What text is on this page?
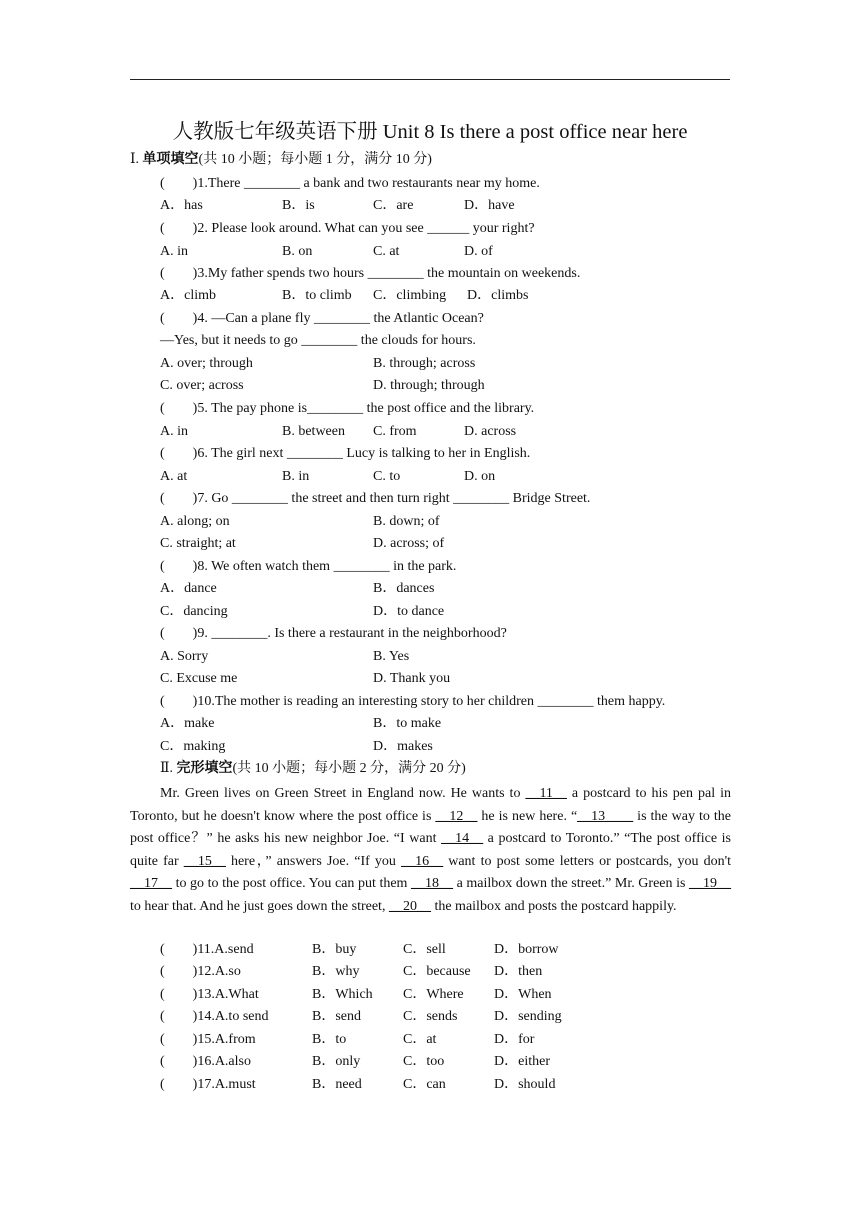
人教版七年级英语下册 Unit 8 Is there a post office near here
Ⅰ. 单项填空(共 10 小题；每小题 1 分，满分 10 分)
(        )1.There ________ a bank and two restaurants near my home.
A．has	B．is	C．are	D．have
(        )2. Please look around. What can you see ______ your right?
A. in	B. on	C. at	D. of
(        )3.My father spends two hours ________ the mountain on weekends.
A．climb	B．to climb C．climbing D．climbs
(        )4. —Can a plane fly ________ the Atlantic Ocean?
—Yes, but it needs to go ________ the clouds for hours.
A. over; through	B. through; across
C. over; across	D. through; through
(        )5. The pay phone is________ the post office and the library.
A. in	B. between C. from	D. across
(        )6. The girl next ________ Lucy is talking to her in English.
A. at	B. in	C. to	D. on
(        )7. Go ________ the street and then turn right ________ Bridge Street.
A. along; on	B. down; of
C. straight; at	D. across; of
(        )8. We often watch them ________ in the park.
A．dance	B．dances
C．dancing	D．to dance
(        )9. ________. Is there a restaurant in the neighborhood?
A. Sorry	B. Yes
C. Excuse me	D. Thank you
(        )10.The mother is reading an interesting story to her children ________ them happy.
A．make	B．to make
C．making	D．makes
Ⅱ. 完形填空(共 10 小题；每小题 2 分，满分 20 分)

Mr. Green lives on Green Street in England now. He wants to __11__ a postcard to his pen pal in Toronto, but he doesn't know where the post office is __12__ he is new here. “__13____ is the way to the post office？” he asks his new neighbor Joe. “I want __14__ a postcard to Toronto.” “The post office is quite far __15__ here，” answers Joe. “If you __16__ want to post some letters or postcards, you don't __17__ to go to the post office. You can put them __18__ a mailbox down the street.” Mr. Green is __19__ to hear that. And he just goes down the street, __20__ the mailbox and posts the postcard happily.

(        )11.A.send	B．buy	C．sell	D．borrow
(        )12.A.so	B．why	C．because D．then
(        )13.A.What	B．Which C．Where D．When
(        )14.A.to send	B．send	C．sends	D．sending
(        )15.A.from	B．to	C．at	D．for
(        )16.A.also	B．only	C．too	D．either
(        )17.A.must	B．need	C．can	D．should
